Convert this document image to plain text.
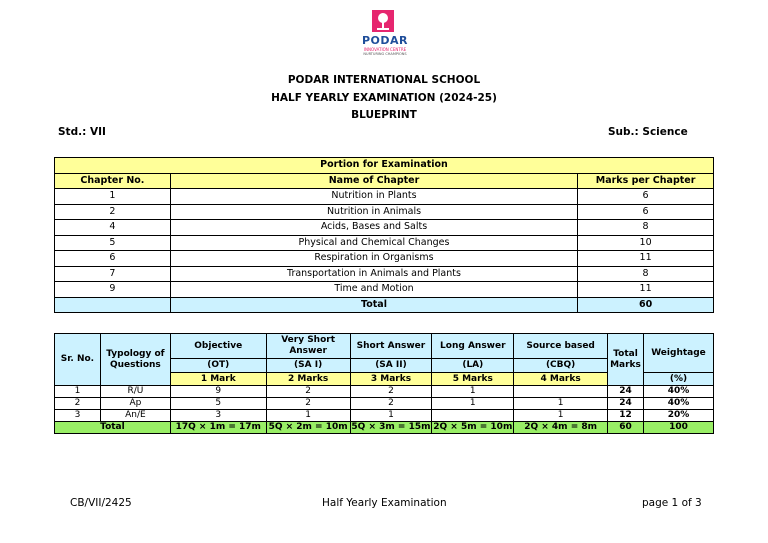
PODAR
INNOVATION CENTRE
NURTURING CHAMPIONS
PODAR INTERNATIONAL SCHOOL
HALF YEARLY EXAMINATION (2024-25)
BLUEPRINT
Std.: VII	Sub.: Science
Portion for Examination		
Chapter No.	Name of Chapter	Marks per Chapter
1	Nutrition in Plants	6
2	Nutrition in Animals	6
4	Acids, Bases and Salts	8
5	Physical and Chemical Changes	10
6	Respiration in Organisms	11
7	Transportation in Animals and Plants	8
9	Time and Motion	11
	Total	60
Sr. No.	Typology of Questions	Objective	Very Short Answer	Short Answer	Long Answer	Source based	Total Marks	Weightage
		(OT)	(SA I)	(SA II)	(LA)	(CBQ)		
		1 Mark	2 Marks	3 Marks	5 Marks	4 Marks		(%)
1	R/U	9	2	2	1		24	40%
2	Ap	5	2	2	1	1	24	40%
3	An/E	3	1	1		1	12	20%
Total		17Q × 1m = 17m	5Q × 2m = 10m	5Q × 3m = 15m	2Q × 5m = 10m	2Q × 4m = 8m	60	100
CB/VII/2425	Half Yearly Examination	page 1 of 3
